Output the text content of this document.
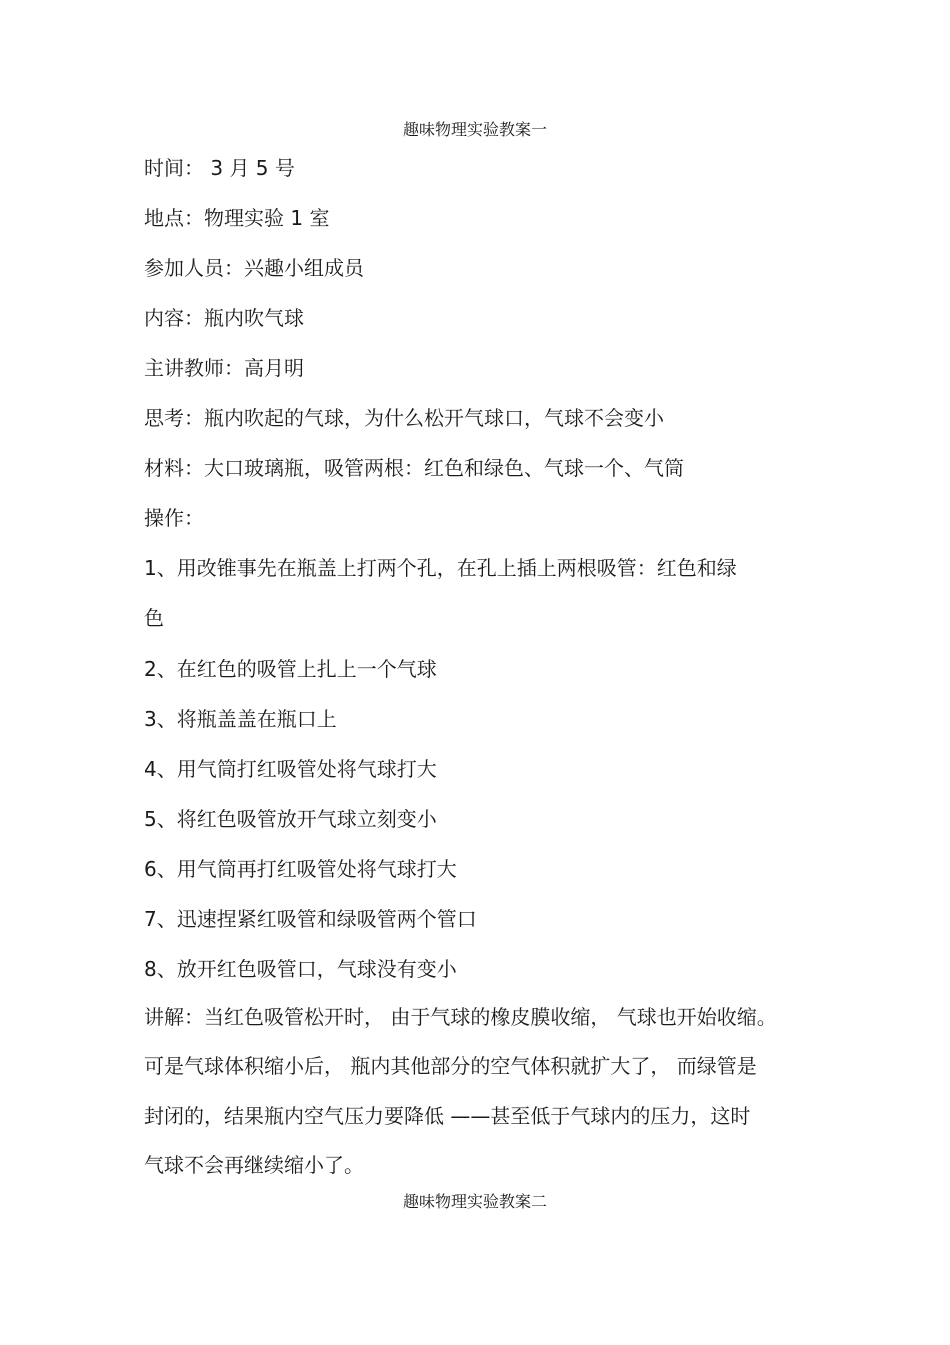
趣味物理实验教案一
时间： 3 月 5 号
地点：物理实验 1 室
参加人员：兴趣小组成员
内容：瓶内吹气球
主讲教师：高月明
思考：瓶内吹起的气球，为什么松开气球口，气球不会变小
材料：大口玻璃瓶，吸管两根：红色和绿色、气球一个、气筒
操作：
1、用改锥事先在瓶盖上打两个孔，在孔上插上两根吸管：红色和绿
色
2、在红色的吸管上扎上一个气球
3、将瓶盖盖在瓶口上
4、用气筒打红吸管处将气球打大
5、将红色吸管放开气球立刻变小
6、用气筒再打红吸管处将气球打大
7、迅速捏紧红吸管和绿吸管两个管口
8、放开红色吸管口，气球没有变小
讲解：当红色吸管松开时， 由于气球的橡皮膜收缩， 气球也开始收缩。
可是气球体积缩小后， 瓶内其他部分的空气体积就扩大了， 而绿管是
封闭的，结果瓶内空气压力要降低 ——甚至低于气球内的压力，这时
气球不会再继续缩小了。
趣味物理实验教案二
